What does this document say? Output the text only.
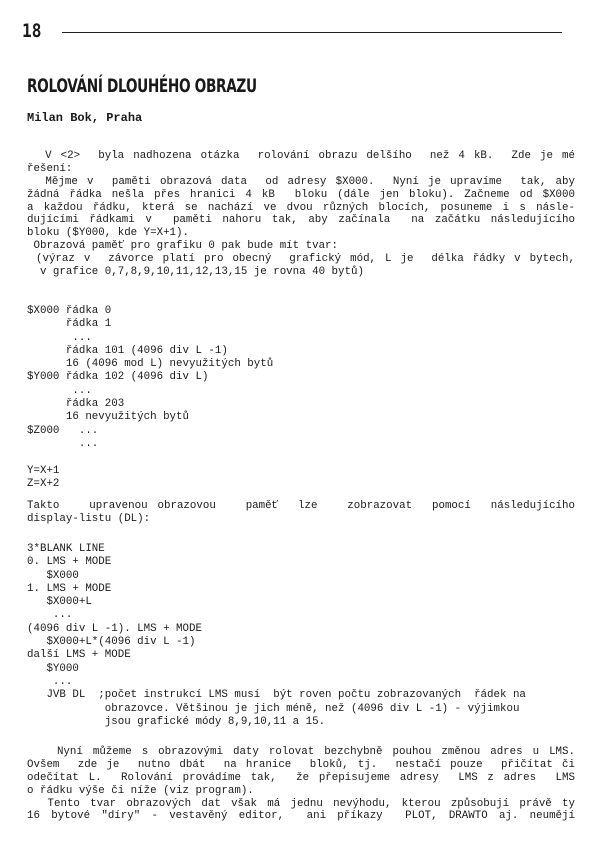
18
ROLOVÁNÍ DLOUHÉHO OBRAZU
Milan Bok, Praha
V <2>  byla nadhozena otázka  rolování obrazu delšího  než 4 kB.  Zde je mé
řešení:
Mějme v  paměti obrazová data  od adresy $X000.  Nyní je upravíme  tak, aby
žádná řádka nešla přes hranici 4 kB  bloku (dále jen bloku). Začneme od $X000
a každou řádku, která se nachází ve dvou různých blocích, posuneme i s násle-
dujícími řádkami v  paměti nahoru tak, aby začínala  na začátku následujícího
bloku ($Y000, kde Y=X+1).
Obrazová paměť pro grafiku 0 pak bude mít tvar:
(výraz v  závorce platí pro obecný  grafický mód, L je  délka řádky v bytech,
v grafice 0,7,8,9,10,11,12,13,15 je rovna 40 bytů)
$X000 řádka 0
řádka 1
...
řádka 101 (4096 div L -1)
16 (4096 mod L) nevyužitých bytů
$Y000 řádka 102 (4096 div L)
...
řádka 203
16 nevyužitých bytů
$Z000   ...
...
Y=X+1
Z=X+2
Takto   upravenou obrazovou   paměť  lze   zobrazovat  pomocí  následujícího
display-listu (DL):
3*BLANK LINE
0. LMS + MODE
$X000
1. LMS + MODE
$X000+L
...
(4096 div L -1). LMS + MODE
$X000+L*(4096 div L -1)
další LMS + MODE
$Y000
...
JVB DL  ;počet instrukcí LMS musí  být roven počtu zobrazovaných  řádek na
obrazovce. Většinou je jich méně, než (4096 div L -1) - výjimkou
jsou grafické módy 8,9,10,11 a 15.
Nyní můžeme s obrazovými daty rolovat bezchybně pouhou změnou adres u LMS.
Ovšem  zde je  nutno dbát  na hranice  bloků, tj.  nestačí pouze  přičítat či
odečítat L.  Rolování provádíme tak,  že přepisujeme adresy  LMS z adres  LMS
o řádku výše či níže (viz program).
Tento tvar obrazových dat však má jednu nevýhodu, kterou způsobují právě ty
16 bytové "díry" - vestavěný editor,  ani příkazy  PLOT, DRAWTO aj. neumějí
